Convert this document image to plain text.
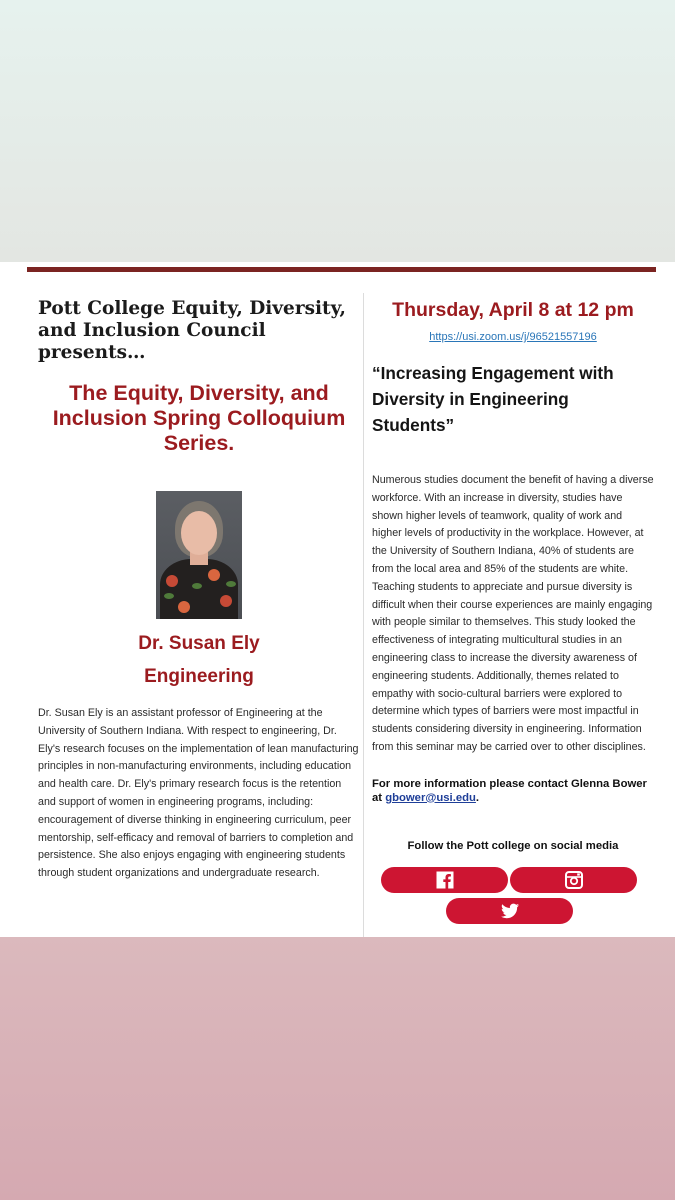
Pott College Equity, Diversity, and Inclusion Council presents…
The Equity, Diversity, and Inclusion Spring Colloquium Series.
Dr. Susan Ely
Engineering
Dr. Susan Ely is an assistant professor of Engineering at the University of Southern Indiana. With respect to engineering, Dr. Ely's research focuses on the implementation of lean manufacturing principles in non-manufacturing environments, including education and health care. Dr. Ely's primary research focus is the retention and support of women in engineering programs, including: encouragement of diverse thinking in engineering curriculum, peer mentorship, self-efficacy and removal of barriers to completion and persistence. She also enjoys engaging with engineering students through student organizations and undergraduate research.
Thursday, April 8 at 12 pm
https://usi.zoom.us/j/96521557196
“Increasing Engagement with Diversity in Engineering Students”
Numerous studies document the benefit of having a diverse workforce. With an increase in diversity, studies have shown higher levels of teamwork, quality of work and higher levels of productivity in the workplace. However, at the University of Southern Indiana, 40% of students are from the local area and 85% of the students are white. Teaching students to appreciate and pursue diversity is difficult when their course experiences are mainly engaging with people similar to themselves. This study looked the effectiveness of integrating multicultural studies in an engineering class to increase the diversity awareness of engineering students. Additionally, themes related to empathy with socio-cultural barriers were explored to determine which types of barriers were most impactful in students considering diversity in engineering. Information from this seminar may be carried over to other disciplines.
For more information please contact Glenna Bower at gbower@usi.edu.
Follow the Pott college on social media
